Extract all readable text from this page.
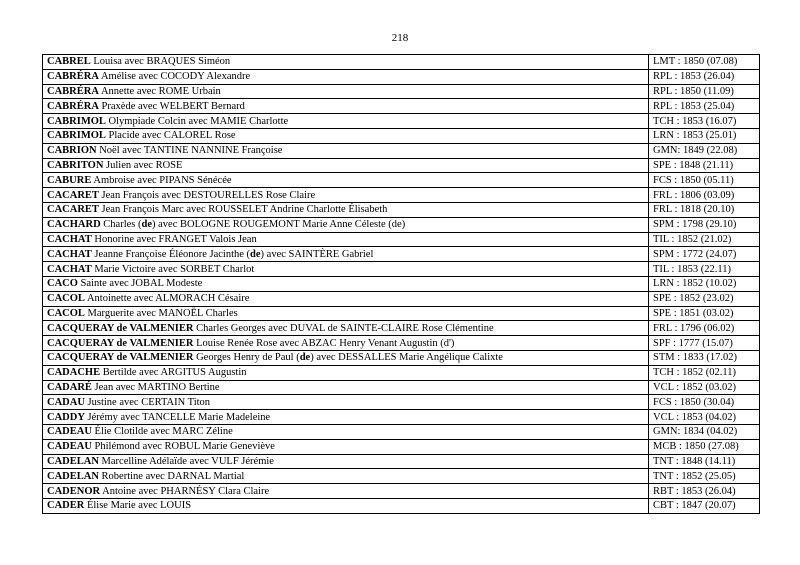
218
CABREL Louisa avec BRAQUES Siméon	LMT : 1850 (07.08)
CABRÉRA Amélise avec COCODY Alexandre	RPL : 1853 (26.04)
CABRÉRA Annette avec ROME Urbain	RPL : 1850 (11.09)
CABRÉRA Praxède avec WELBERT Bernard	RPL : 1853 (25.04)
CABRIMOL Olympiade Colcin avec MAMIE Charlotte	TCH : 1853 (16.07)
CABRIMOL Placide avec CALOREL Rose	LRN : 1853 (25.01)
CABRION Noël avec TANTINE NANNINE Françoise	GMN: 1849 (22.08)
CABRITON Julien avec ROSE	SPE : 1848 (21.11)
CABURE Ambroise avec PIPANS Sénécée	FCS : 1850 (05.11)
CACARET Jean François avec DESTOURELLES Rose Claire	FRL : 1806 (03.09)
CACARET Jean François Marc avec ROUSSELET Andrine Charlotte Élisabeth	FRL : 1818 (20.10)
CACHARD Charles (de) avec BOLOGNE ROUGEMONT Marie Anne Céleste (de)	SPM : 1798 (29.10)
CACHAT Honorine avec FRANGET Valois Jean	TIL : 1852 (21.02)
CACHAT Jeanne Françoise Éléonore Jacinthe (de) avec SAINTÈRE Gabriel	SPM : 1772 (24.07)
CACHAT Marie Victoire avec SORBET Charlot	TIL : 1853 (22.11)
CACO Sainte avec JOBAL Modeste	LRN : 1852 (10.02)
CACOL Antoinette avec ALMORACH Césaire	SPE : 1852 (23.02)
CACOL Marguerite avec MANOËL Charles	SPE : 1851 (03.02)
CACQUERAY de VALMENIER Charles Georges avec DUVAL de SAINTE-CLAIRE Rose Clémentine	FRL : 1796 (06.02)
CACQUERAY de VALMENIER Louise Renée Rose avec ABZAC Henry Venant Augustin (d')	SPF : 1777 (15.07)
CACQUERAY de VALMENIER Georges Henry de Paul (de) avec DESSALLES Marie Angélique Calixte	STM : 1833 (17.02)
CADACHE Bertilde avec ARGITUS Augustin	TCH : 1852 (02.11)
CADARÉ Jean avec MARTINO Bertine	VCL : 1852 (03.02)
CADAU Justine avec CERTAIN Titon	FCS : 1850 (30.04)
CADDY Jérémy avec TANCELLE Marie Madeleine	VCL : 1853 (04.02)
CADEAU Élie Clotilde avec MARC Zéline	GMN: 1834 (04.02)
CADEAU Philémond avec ROBUL Marie Geneviève	MCB : 1850 (27.08)
CADELAN Marcelline Adélaïde avec VULF Jérémie	TNT : 1848 (14.11)
CADELAN Robertine avec DARNAL Martial	TNT : 1852 (25.05)
CADENOR Antoine avec PHARNÉSY Clara Claire	RBT : 1853 (26.04)
CADER Élise Marie avec LOUIS	CBT : 1847 (20.07)
